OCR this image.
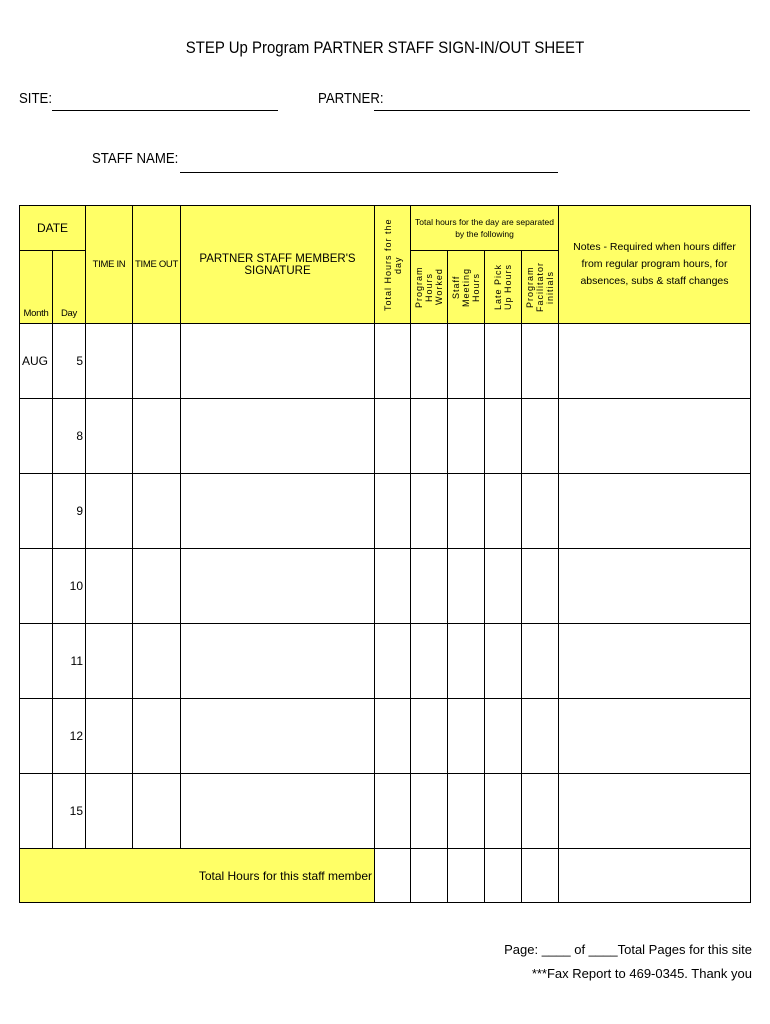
STEP Up Program PARTNER STAFF SIGN-IN/OUT SHEET
SITE:	PARTNER:
STAFF NAME:
DATE		TIME IN	TIME OUT	PARTNER STAFF MEMBER'S SIGNATURE	Total Hours for the day	Total hours for the day are separated by the following				Notes - Required when hours differ from regular program hours, for absences, subs & staff changes
Month	Day					Program Hours Worked	Staff Meeting Hours	Late Pick Up Hours	Program Facilitator initials	

AUG	5									
	8									
	9									
	10									
	11									
	12									
	15									
Total Hours for this staff member										
Page: ____ of ____Total Pages for this site
***Fax Report to 469-0345. Thank you
